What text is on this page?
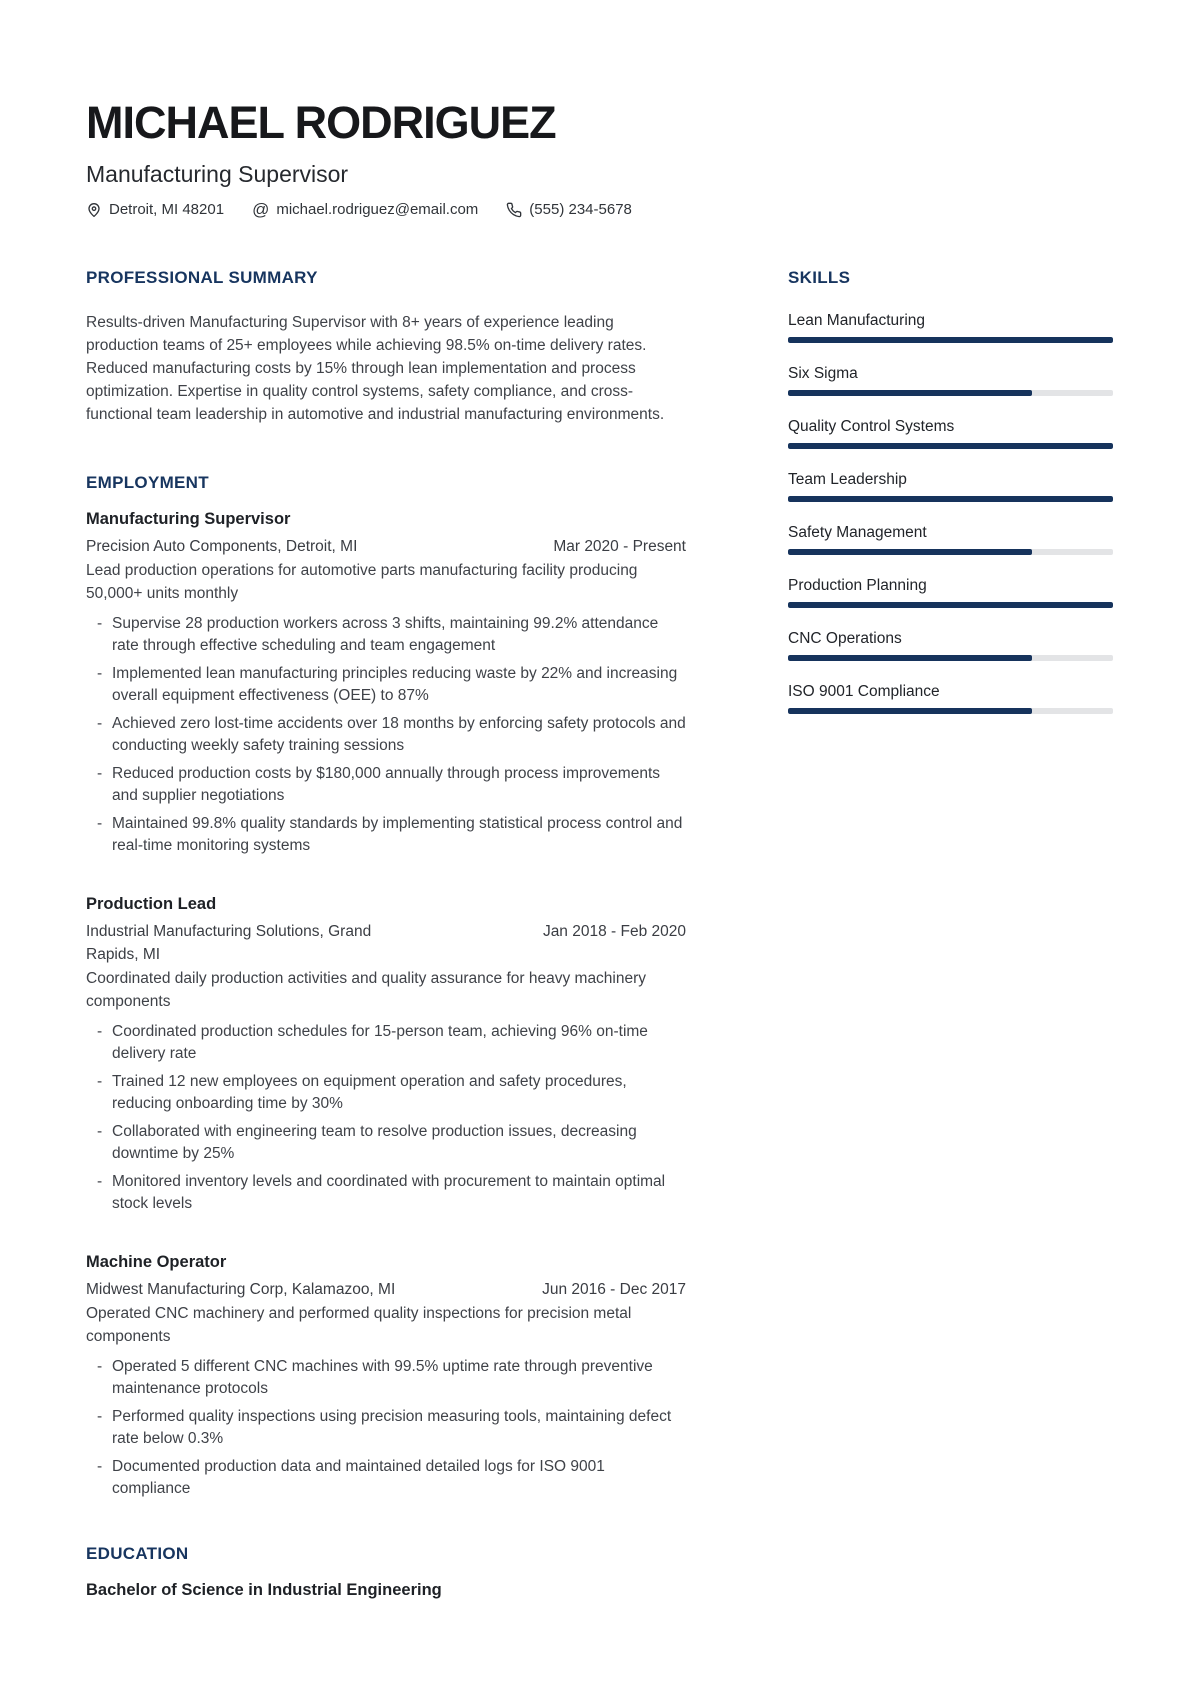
MICHAEL RODRIGUEZ
Manufacturing Supervisor
Detroit, MI 48201 @ michael.rodriguez@email.com	(555) 234-5678
PROFESSIONAL SUMMARY
Results-driven Manufacturing Supervisor with 8+ years of experience leading production teams of 25+ employees while achieving 98.5% on-time delivery rates. Reduced manufacturing costs by 15% through lean implementation and process optimization. Expertise in quality control systems, safety compliance, and cross-functional team leadership in automotive and industrial manufacturing environments.
EMPLOYMENT
Manufacturing Supervisor
Precision Auto Components, Detroit, MI	Mar 2020 - Present
Lead production operations for automotive parts manufacturing facility producing 50,000+ units monthly
- Supervise 28 production workers across 3 shifts, maintaining 99.2% attendance rate through effective scheduling and team engagement
- Implemented lean manufacturing principles reducing waste by 22% and increasing overall equipment effectiveness (OEE) to 87%
- Achieved zero lost-time accidents over 18 months by enforcing safety protocols and conducting weekly safety training sessions
- Reduced production costs by $180,000 annually through process improvements and supplier negotiations
- Maintained 99.8% quality standards by implementing statistical process control and real-time monitoring systems
Production Lead
Industrial Manufacturing Solutions, Grand Rapids, MI
Jan 2018 - Feb 2020
Coordinated daily production activities and quality assurance for heavy machinery components
- Coordinated production schedules for 15-person team, achieving 96% on-time delivery rate
- Trained 12 new employees on equipment operation and safety procedures, reducing onboarding time by 30%
- Collaborated with engineering team to resolve production issues, decreasing downtime by 25%
- Monitored inventory levels and coordinated with procurement to maintain optimal stock levels
Machine Operator
Midwest Manufacturing Corp, Kalamazoo, MI	Jun 2016 - Dec 2017
Operated CNC machinery and performed quality inspections for precision metal components
- Operated 5 different CNC machines with 99.5% uptime rate through preventive maintenance protocols
- Performed quality inspections using precision measuring tools, maintaining defect rate below 0.3%
- Documented production data and maintained detailed logs for ISO 9001 compliance
EDUCATION
Bachelor of Science in Industrial Engineering
SKILLS
Lean Manufacturing
Six Sigma
Quality Control Systems
Team Leadership
Safety Management
Production Planning
CNC Operations
ISO 9001 Compliance
